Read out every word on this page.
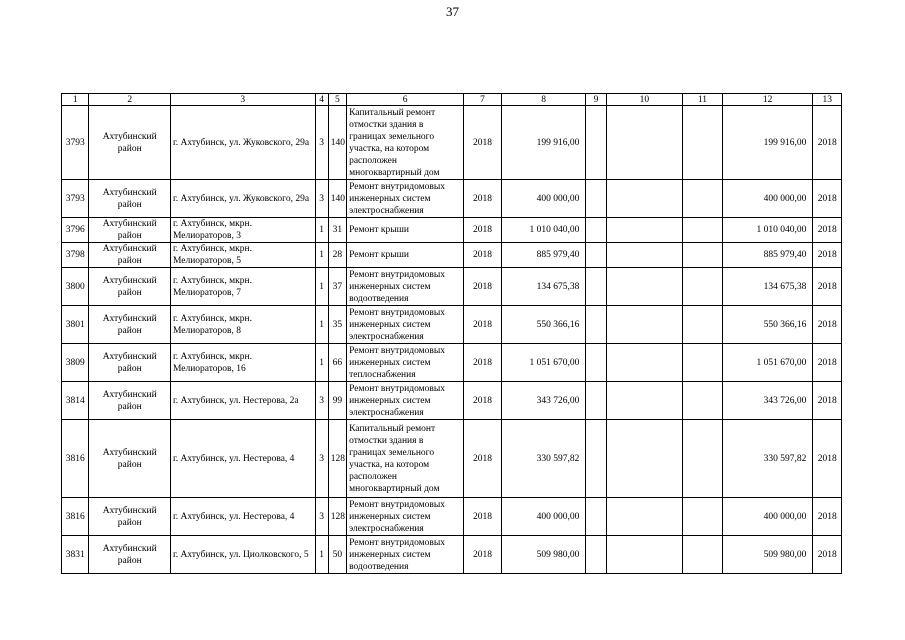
37
1	2	3	4	5	6	7	8	9	10	11	12	13
3793	Ахтубинский район	г. Ахтубинск, ул. Жуковского, 29а	3	140	Капитальный ремонт отмостки здания в границах земельного участка, на котором расположен многоквартирный дом	2018	199 916,00				199 916,00	2018
3793	Ахтубинский район	г. Ахтубинск, ул. Жуковского, 29а	3	140	Ремонт внутридомовых инженерных систем электроснабжения	2018	400 000,00				400 000,00	2018
3796	Ахтубинский район	г. Ахтубинск, мкрн. Мелиораторов, 3	1	31	Ремонт крыши	2018	1 010 040,00				1 010 040,00	2018
3798	Ахтубинский район	г. Ахтубинск, мкрн. Мелиораторов, 5	1	28	Ремонт крыши	2018	885 979,40				885 979,40	2018
3800	Ахтубинский район	г. Ахтубинск, мкрн. Мелиораторов, 7	1	37	Ремонт внутридомовых инженерных систем водоотведения	2018	134 675,38				134 675,38	2018
3801	Ахтубинский район	г. Ахтубинск, мкрн. Мелиораторов, 8	1	35	Ремонт внутридомовых инженерных систем электроснабжения	2018	550 366,16				550 366,16	2018
3809	Ахтубинский район	г. Ахтубинск, мкрн. Мелиораторов, 16	1	66	Ремонт внутридомовых инженерных систем теплоснабжения	2018	1 051 670,00				1 051 670,00	2018
3814	Ахтубинский район	г. Ахтубинск, ул. Нестерова, 2а	3	99	Ремонт внутридомовых инженерных систем электроснабжения	2018	343 726,00				343 726,00	2018
3816	Ахтубинский район	г. Ахтубинск, ул. Нестерова, 4	3	128	Капитальный ремонт отмостки здания в границах земельного участка, на котором расположен многоквартирный дом	2018	330 597,82				330 597,82	2018
3816	Ахтубинский район	г. Ахтубинск, ул. Нестерова, 4	3	128	Ремонт внутридомовых инженерных систем электроснабжения	2018	400 000,00				400 000,00	2018
3831	Ахтубинский район	г. Ахтубинск, ул. Циолковского, 5	1	50	Ремонт внутридомовых инженерных систем водоотведения	2018	509 980,00				509 980,00	2018
